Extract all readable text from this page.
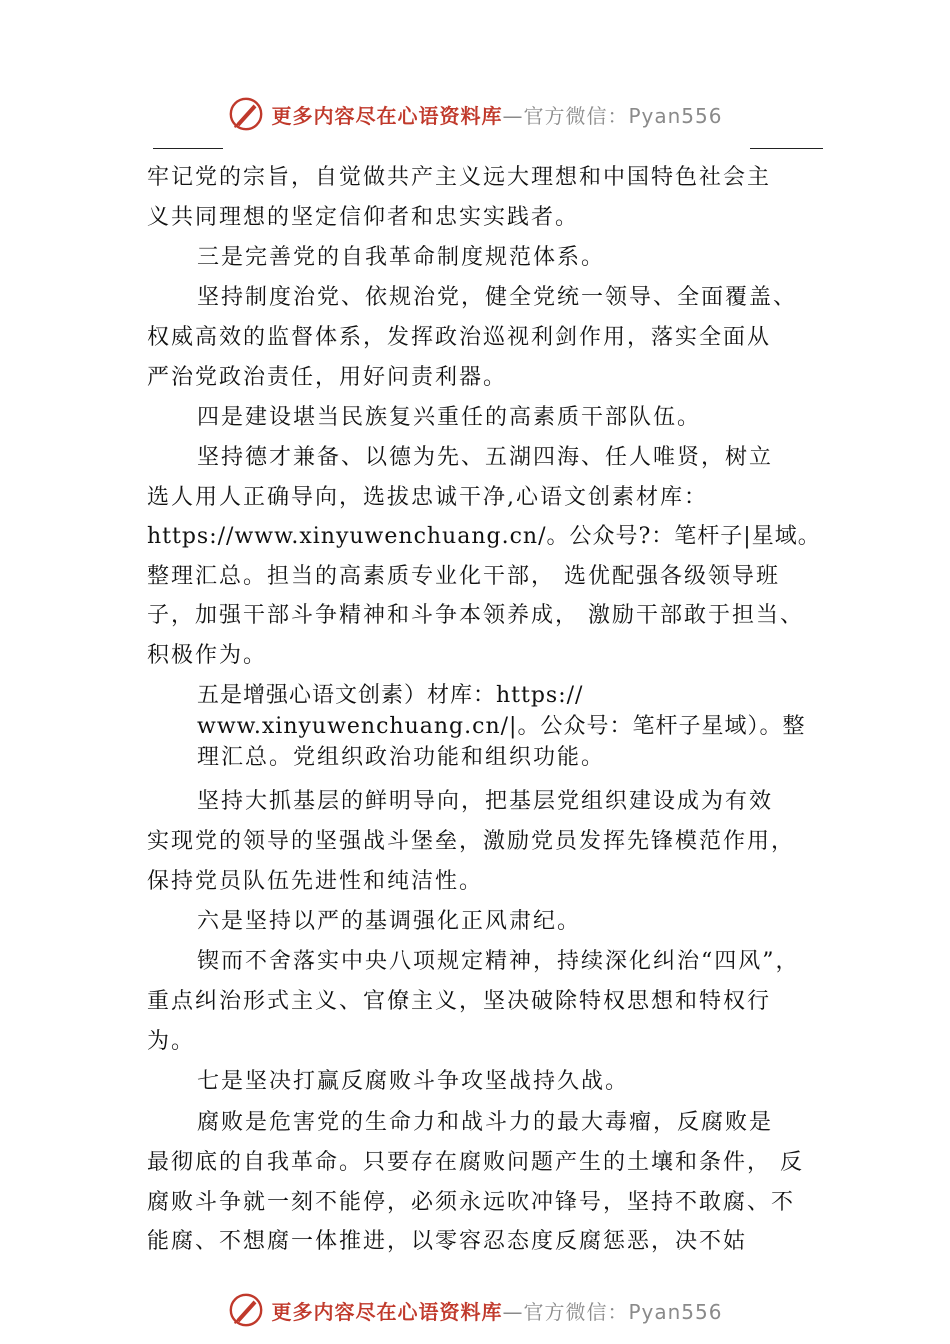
更多内容尽在心语资料库 —官方微信：Pyan556
牢记党的宗旨，自觉做共产主义远大理想和中国特色社会主
义共同理想的坚定信仰者和忠实实践者。
三是完善党的自我革命制度规范体系。
坚持制度治党、依规治党，健全党统一领导、全面覆盖、
权威高效的监督体系，发挥政治巡视利剑作用，落实全面从
严治党政治责任，用好问责利器。
四是建设堪当民族复兴重任的高素质干部队伍。
坚持德才兼备、以德为先、五湖四海、任人唯贤，树立
选人用人正确导向，选拔忠诚干净,心语文创素材库：
https://www.xinyuwenchuang.cn/。公众号?：笔杆子|星域。
整理汇总。担当的高素质专业化干部， 选优配强各级领导班
子，加强干部斗争精神和斗争本领养成， 激励干部敢于担当、
积极作为。
五是增强心语文创素）材库：https://
www.xinyuwenchuang.cn/|。公众号：笔杆子星域）。整
理汇总。党组织政治功能和组织功能。
坚持大抓基层的鲜明导向，把基层党组织建设成为有效
实现党的领导的坚强战斗堡垒，激励党员发挥先锋模范作用，
保持党员队伍先进性和纯洁性。
六是坚持以严的基调强化正风肃纪。
锲而不舍落实中央八项规定精神，持续深化纠治“四风”，
重点纠治形式主义、官僚主义，坚决破除特权思想和特权行
为。
七是坚决打赢反腐败斗争攻坚战持久战。
腐败是危害党的生命力和战斗力的最大毒瘤，反腐败是
最彻底的自我革命。只要存在腐败问题产生的土壤和条件， 反
腐败斗争就一刻不能停，必须永远吹冲锋号，坚持不敢腐、不
能腐、不想腐一体推进，以零容忍态度反腐惩恶，决不姑
更多内容尽在心语资料库 —官方微信：Pyan556
